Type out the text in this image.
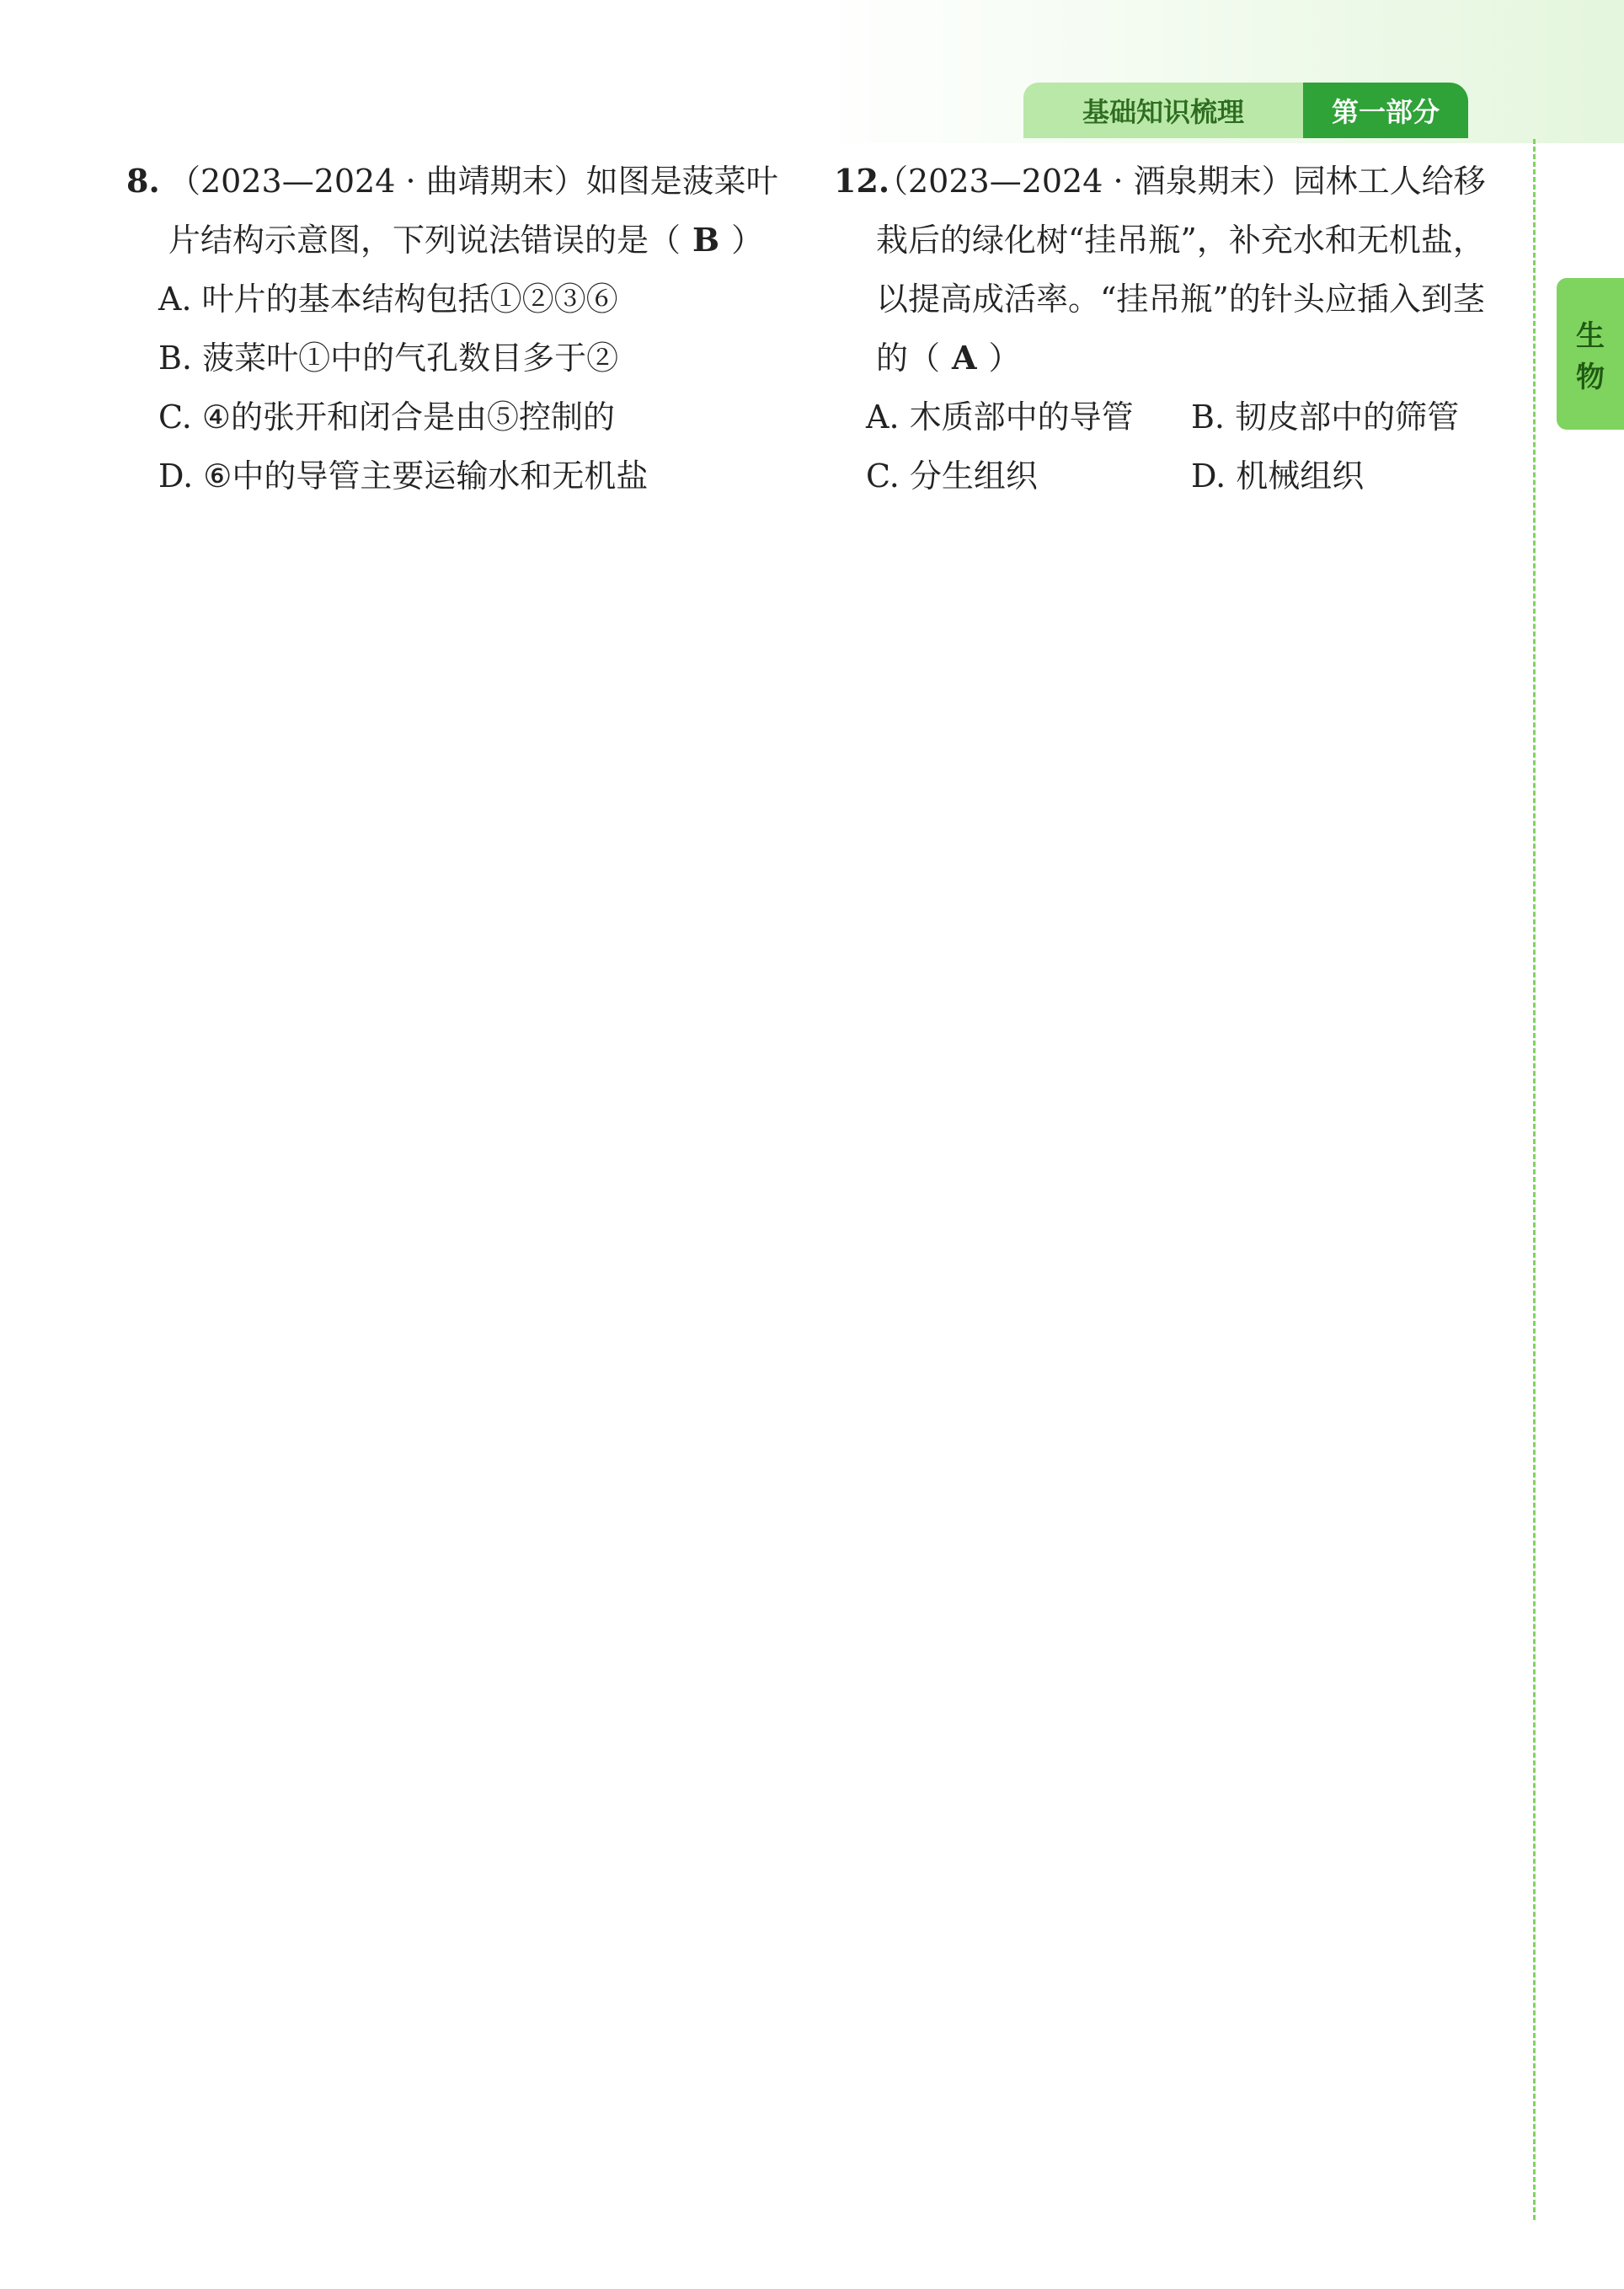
基础知识梳理	第一部分
生
物
8. （2023—2024 · 曲靖期末）如图是菠菜叶片结构示意图，下列说法错误的是（ B ）
A. 叶片的基本结构包括①②③⑥
B. 菠菜叶①中的气孔数目多于②
C. ④的张开和闭合是由⑤控制的
D. ⑥中的导管主要运输水和无机盐
12.
（2023—2024 · 酒泉期末）园林工人给移栽后的绿化树“挂吊瓶”，补充水和无机盐，以提高成活率。“挂吊瓶”的针头应插入到茎的（ A ）
A. 木质部中的导管	B. 韧皮部中的筛管
C. 分生组织	D. 机械组织
